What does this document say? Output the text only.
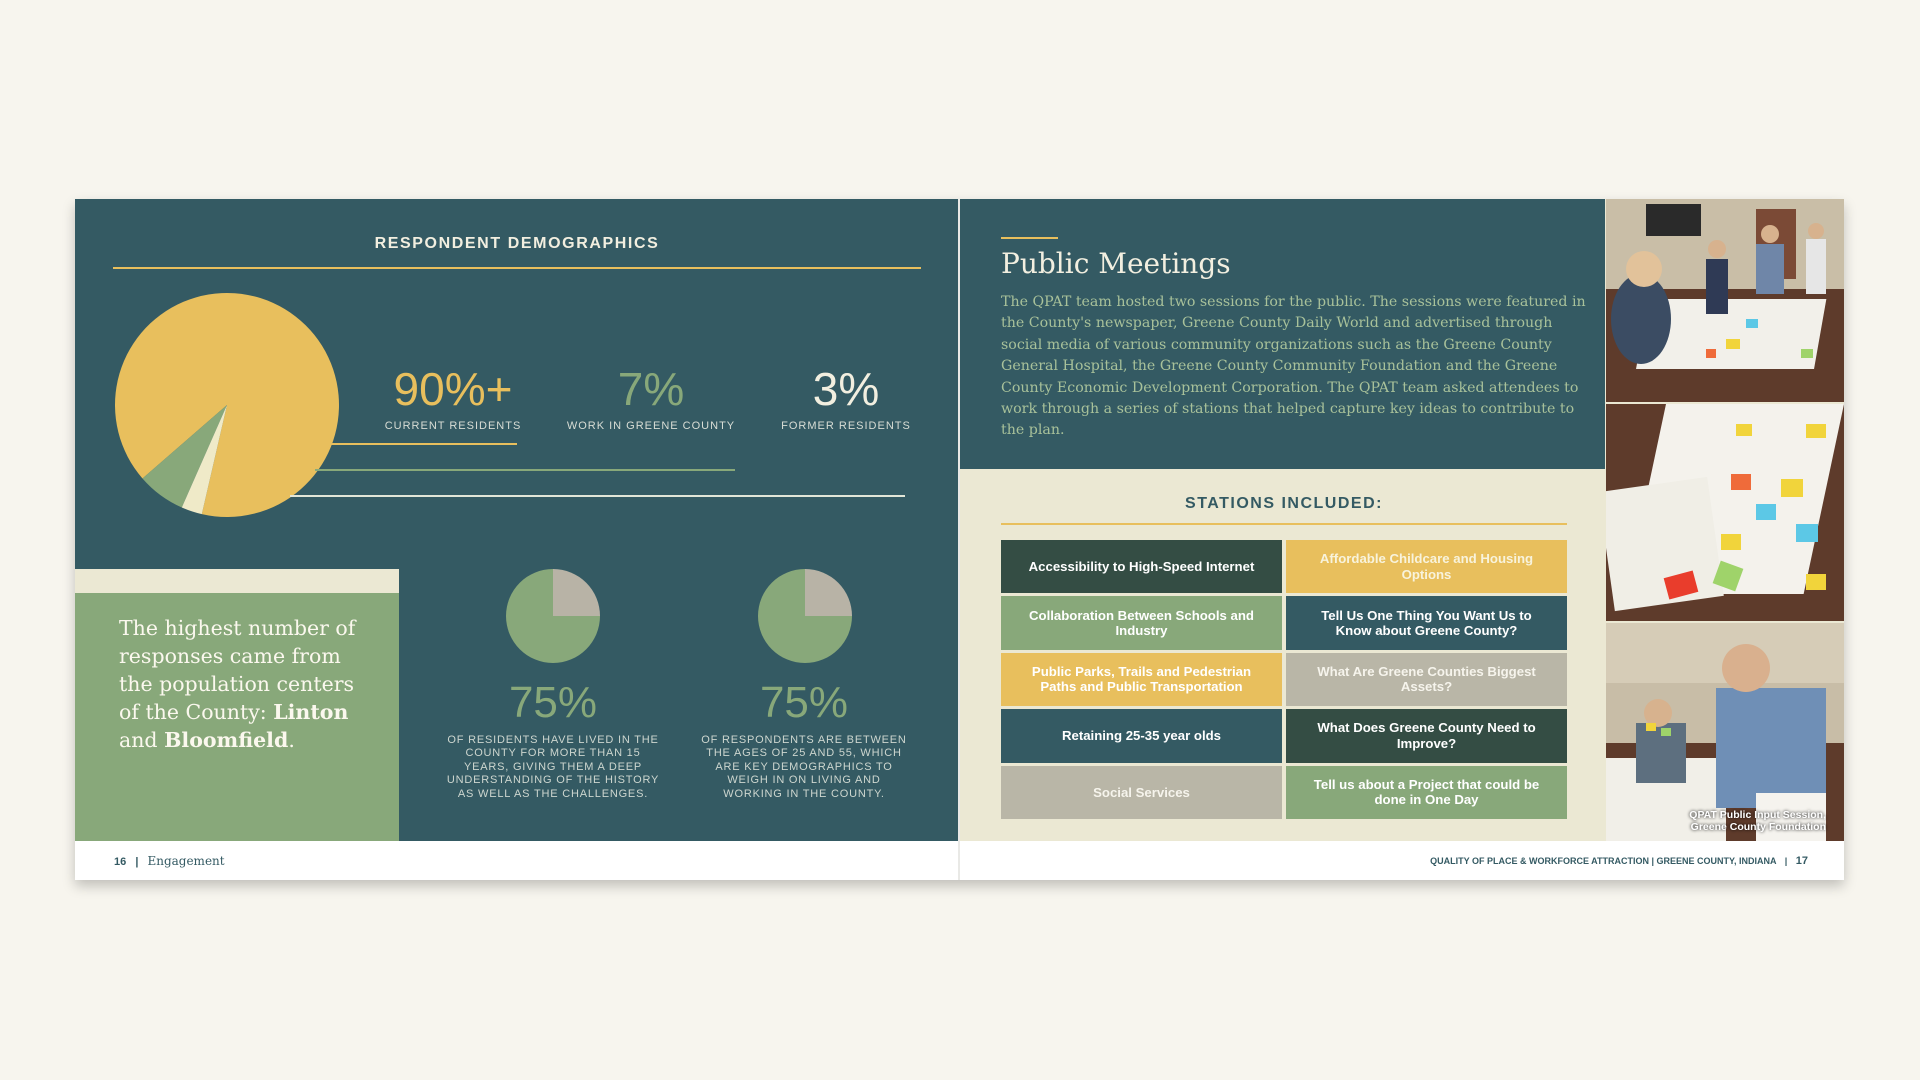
RESPONDENT DEMOGRAPHICS
90%+
CURRENT RESIDENTS
7%
WORK IN GREENE COUNTY
3%
FORMER RESIDENTS
The highest number of responses came from the population centers of the County: Linton and Bloomfield.
75%
OF RESIDENTS HAVE LIVED IN THE COUNTY FOR MORE THAN 15 YEARS, GIVING THEM A DEEP UNDERSTANDING OF THE HISTORY AS WELL AS THE CHALLENGES.
75%
OF RESPONDENTS ARE BETWEEN THE AGES OF 25 AND 55, WHICH ARE KEY DEMOGRAPHICS TO WEIGH IN ON LIVING AND WORKING IN THE COUNTY.
16 | Engagement
Public Meetings
The QPAT team hosted two sessions for the public. The sessions were featured in the County's newspaper, Greene County Daily World and advertised through social media of various community organizations such as the Greene County General Hospital, the Greene County Community Foundation and the Greene County Economic Development Corporation. The QPAT team asked attendees to work through a series of stations that helped capture key ideas to contribute to the plan.
STATIONS INCLUDED:
Accessibility to High-Speed Internet
Affordable Childcare and Housing Options
Collaboration Between Schools and Industry
Tell Us One Thing You Want Us to Know about Greene County?
Public Parks, Trails and Pedestrian Paths and Public Transportation
What Are Greene Counties Biggest Assets?
Retaining 25-35 year olds
What Does Greene County Need to Improve?
Social Services
Tell us about a Project that could be done in One Day
QPAT Public Input Session,
Greene County Foundation
QUALITY OF PLACE & WORKFORCE ATTRACTION | GREENE COUNTY, INDIANA | 17
